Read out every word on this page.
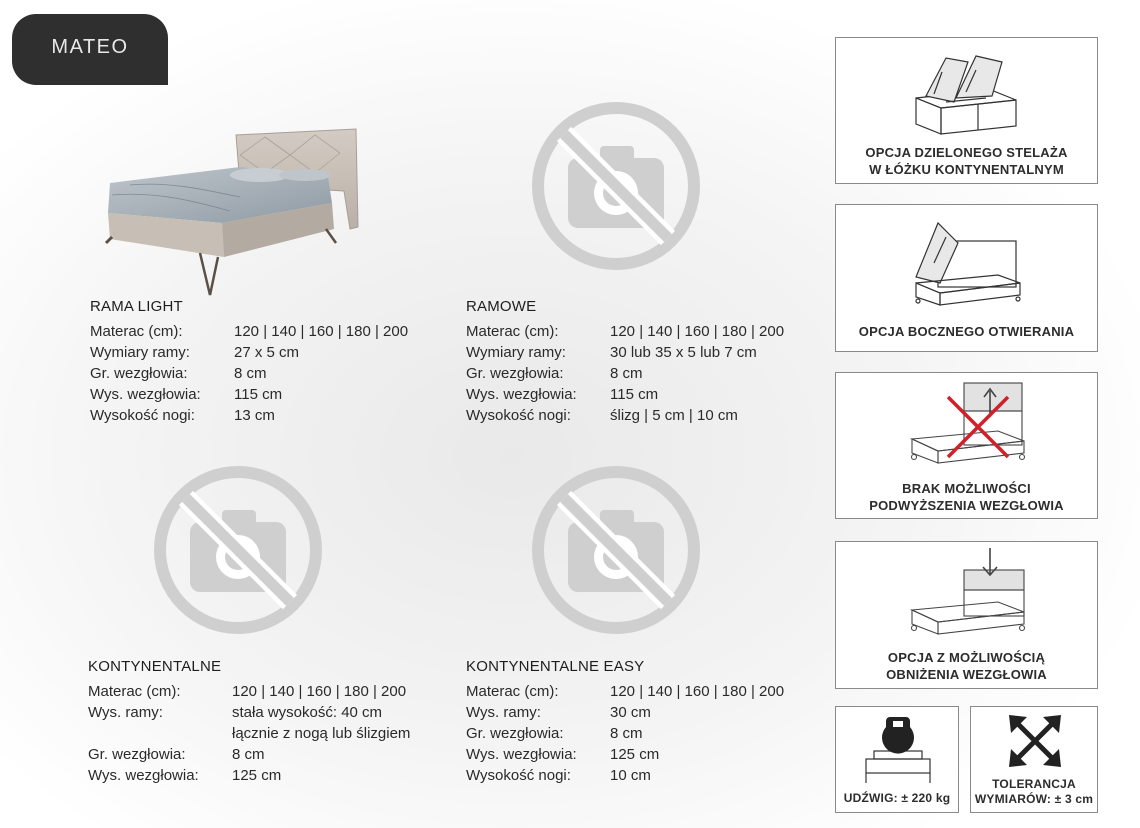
MATEO
RAMA LIGHT
Materac (cm):	120 | 140 | 160 | 180 | 200
Wymiary ramy:	27 x 5 cm
Gr. wezgłowia:	8 cm
Wys. wezgłowia:	115 cm
Wysokość nogi:	13 cm
RAMOWE
Materac (cm):	120 | 140 | 160 | 180 | 200
Wymiary ramy:	30 lub 35 x 5 lub 7 cm
Gr. wezgłowia:	8 cm
Wys. wezgłowia:	115 cm
Wysokość nogi:	ślizg | 5 cm | 10 cm
KONTYNENTALNE
Materac (cm):	120 | 140 | 160 | 180 | 200
Wys. ramy:	stała wysokość: 40 cm
łącznie z nogą lub ślizgiem
Gr. wezgłowia:	8 cm
Wys. wezgłowia:	125 cm
KONTYNENTALNE EASY
Materac (cm):	120 | 140 | 160 | 180 | 200
Wys. ramy:	30 cm
Gr. wezgłowia:	8 cm
Wys. wezgłowia:	125 cm
Wysokość nogi:	10 cm
OPCJA DZIELONEGO STELAŻA
W ŁÓŻKU KONTYNENTALNYM
OPCJA BOCZNEGO OTWIERANIA
BRAK MOŻLIWOŚCI
PODWYŻSZENIA WEZGŁOWIA
OPCJA Z MOŻLIWOŚCIĄ
OBNIŻENIA WEZGŁOWIA
UDŹWIG: ± 220 kg
TOLERANCJA
WYMIARÓW: ± 3 cm
